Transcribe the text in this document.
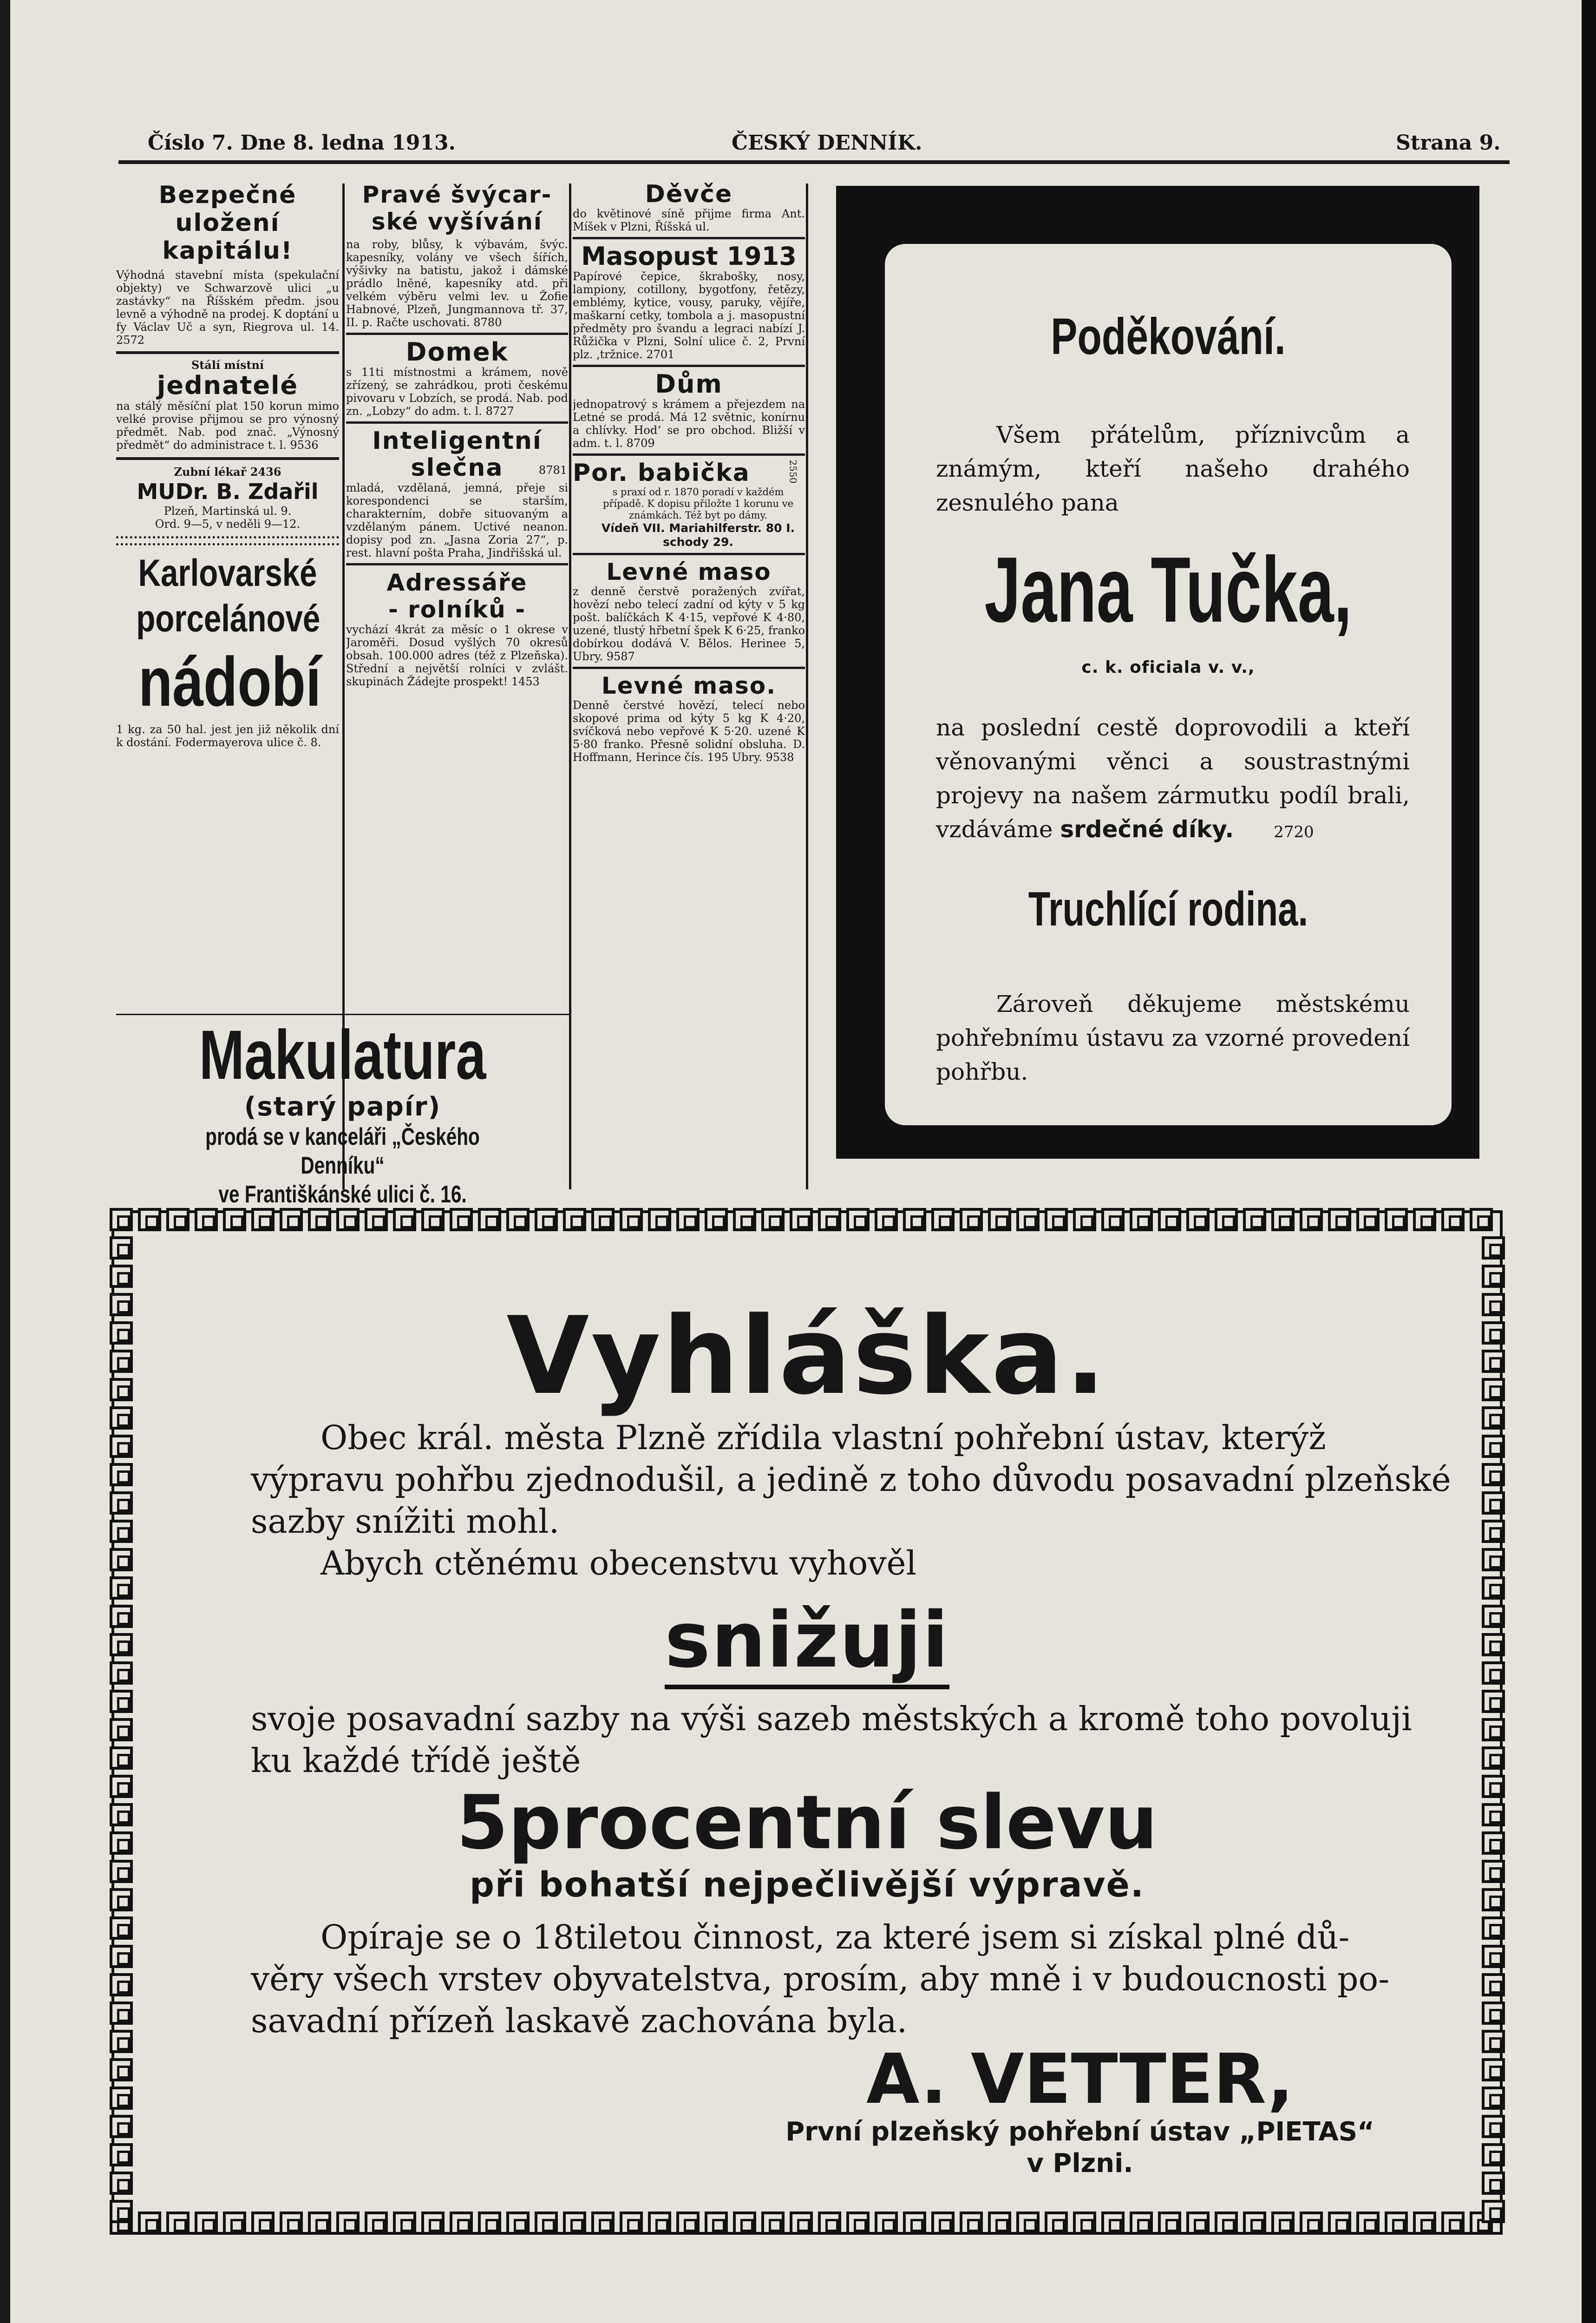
Číslo 7. Dne 8. ledna 1913.	ČESKÝ DENNÍK.	Strana 9.
Bezpečné
uložení
kapitálu!

Výhodná stavební místa (spekulační objekty) ve Schwarzově ulici „u zastávky“ na Říšském předm. jsou levně a výhodně na prodej. K doptání u fy Václav Uč a syn, Riegrova ul. 14. 2572

Stálí místní
jednatelé

na stálý měsíční plat 150 korun mimo velké provise přijmou se pro výnosný předmět. Nab. pod znač. „Výnosný předmět“ do administrace t. l. 9536

Zubní lékař 2436
MUDr. B. Zdařil
Plzeň, Martinská ul. 9.
Ord. 9—5, v neděli 9—12.
Karlovarské
porcelánové
nádobí

1 kg. za 50 hal. jest jen již několik dní k dostání. Fodermayerova ulice č. 8.

Pravé švýcar-
ské vyšívání

na roby, blůsy, k výbavám, švýc. kapesníky, volány ve všech šířích, výšivky na batistu, jakož i dámské prádlo lněné, kapesníky atd. při velkém výběru velmi lev. u Žofie Habnové, Plzeň, Jungmannova tř. 37, II. p. Račte uschovati. 8780

Domek

s 11ti místnostmi a krámem, nově zřízený, se zahrádkou, proti českému pivovaru v Lobzích, se prodá. Nab. pod zn. „Lobzy“ do adm. t. l. 8727

Inteligentní
slečna	8781

mladá, vzdělaná, jemná, přeje si korespondenci se starším, charakterním, dobře situovaným a vzdělaným pánem. Uctivé neanon. dopisy pod zn. „Jasna Zoria 27“, p. rest. hlavní pošta Praha, Jindřišská ul.

Adressáře
- rolníků -

vychází 4krát za měsíc o 1 okrese v Jaroměři. Dosud vyšlých 70 okresů obsah. 100.000 adres (též z Plzeňska). Střední a největší rolníci v zvlášt. skupinách Žádejte prospekt! 1453

Děvče

do květinové síně přijme firma Ant. Míšek v Plzni, Říšská ul.

Masopust 1913

Papírové čepice, škrabošky, nosy, lampiony, cotillony, bygotfony, řetězy, emblémy, kytice, vousy, paruky, vějíře, maškarní cetky, tombola a j. masopustní předměty pro švandu a legraci nabízí J. Růžička v Plzni, Solní ulice č. 2, První plz. ‚tržnice. 2701

Dům

jednopatrový s krámem a přejezdem na Letné se prodá. Má 12 světnic, konírnu a chlívky. Hod‘ se pro obchod. Bližší v adm. t. l. 8709

Por. babička	2550

s praxí od r. 1870 poradí v každém případě. K dopisu přiložte 1 korunu ve známkách. Též byt po dámy.

Vídeň VII. Mariahilferstr. 80 I. schody 29.

Levné maso

z denně čerstvě poražených zvířat, hovězí nebo telecí zadní od kýty v 5 kg pošt. balíčkách K 4·15, vepřové K 4·80, uzené, tlustý hřbetní špek K 6·25, franko dobírkou dodává V. Bělos. Herinee 5, Ubry. 9587

Levné maso.

Denně čerstvé hovězí, telecí nebo skopové prima od kýty 5 kg K 4·20, svíčková nebo vepřové K 5·20. uzené K 5·80 franko. Přesně solidní obsluha. D. Hoffmann, Herince čís. 195 Ubry. 9538

Makulatura
(starý papír)
prodá se v kanceláři „Českého Denníku“
ve Františkánské ulici č. 16.
Poděkování.

Všem přátelům, příznivcům a známým, kteří našeho drahého zesnulého pana

Jana Tučka,
c. k. oficiala v. v.,

na poslední cestě doprovodili a kteří věnovanými věnci a soustrastnými projevy na našem zármutku podíl brali, vzdáváme srdečné díky.	2720

Truchlící rodina.

Zároveň děkujeme městskému pohřebnímu ústavu za vzorné provedení pohřbu.

Vyhláška.
Obec král. města Plzně zřídila vlastní pohřební ústav, kterýž
výpravu pohřbu zjednodušil, a jedině z toho důvodu posavadní plzeňské
sazby snížiti mohl.
Abych ctěnému obecenstvu vyhověl
snižuji
svoje posavadní sazby na výši sazeb městských a kromě toho povoluji
ku každé třídě ještě
5procentní slevu
při bohatší nejpečlivější výpravě.
Opíraje se o 18tiletou činnost, za které jsem si získal plné dů-
věry všech vrstev obyvatelstva, prosím, aby mně i v budoucnosti po-
savadní přízeň laskavě zachována byla.
A. VETTER,
První plzeňský pohřební ústav „PIETAS“
v Plzni.
